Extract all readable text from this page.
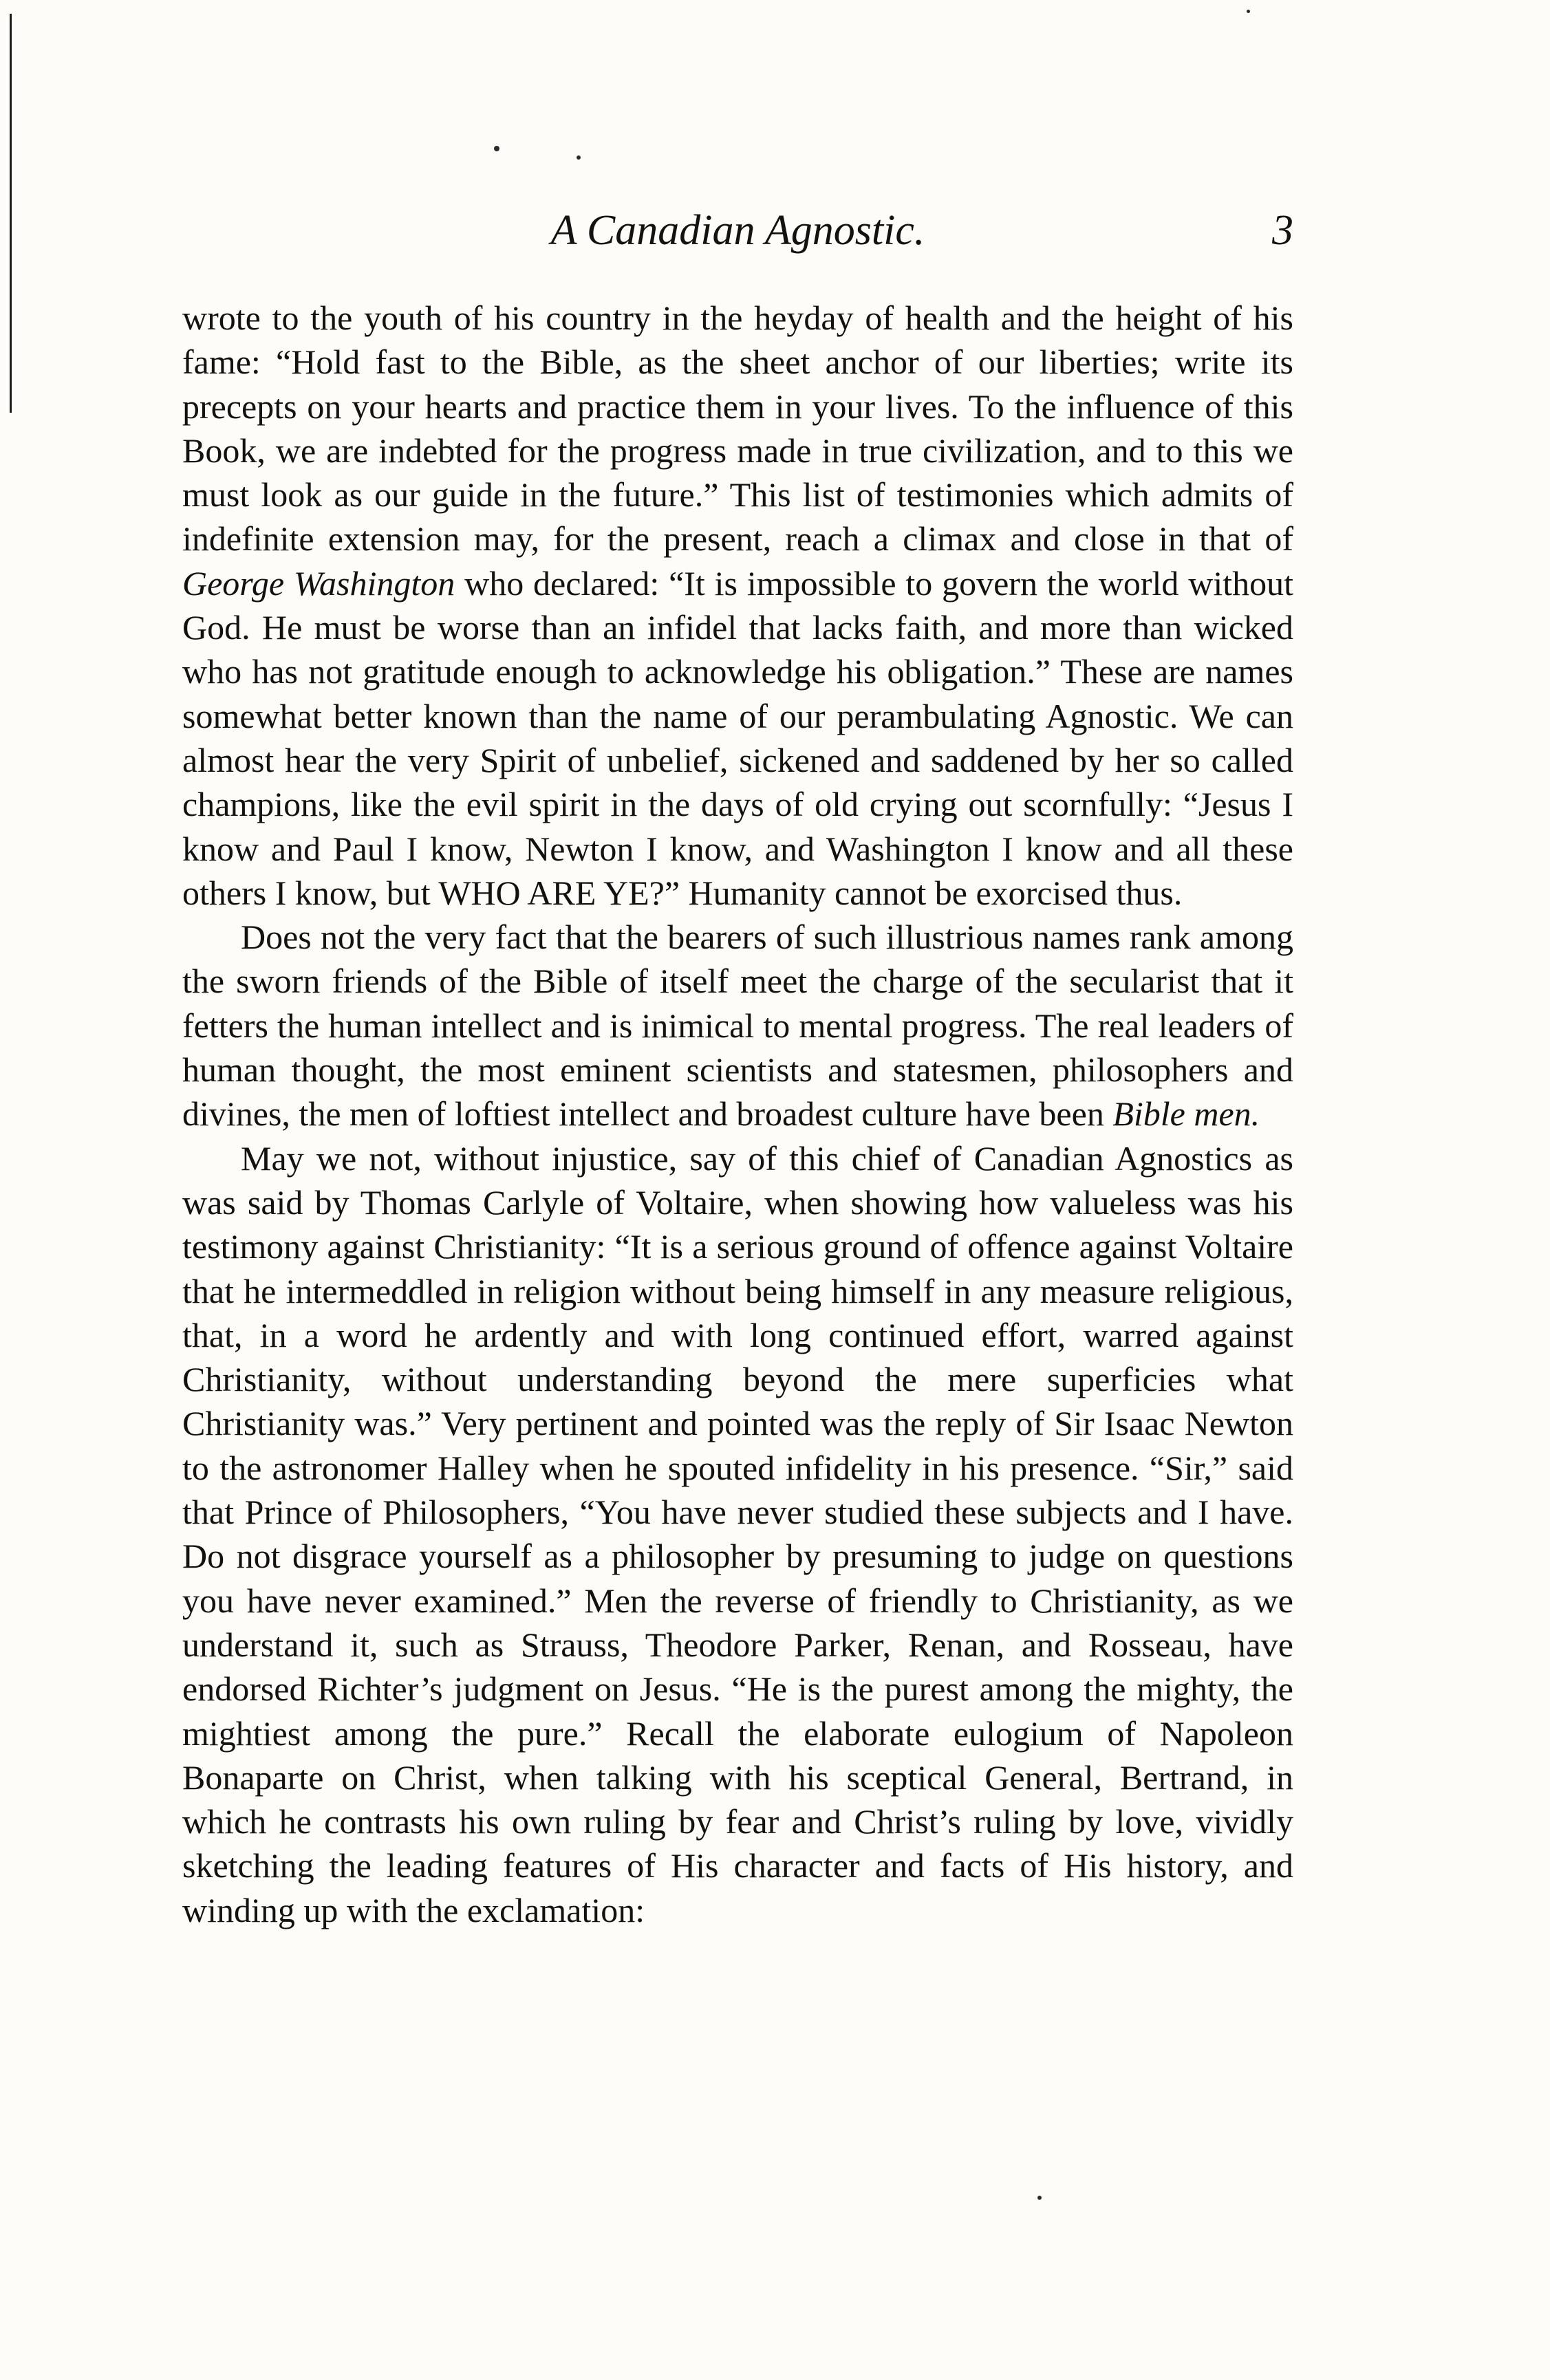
A Canadian Agnostic.	3

wrote to the youth of his country in the heyday of health and the height of his fame: “Hold fast to the Bible, as the sheet anchor of our liberties; write its precepts on your hearts and practice them in your lives. To the influence of this Book, we are indebted for the progress made in true civilization, and to this we must look as our guide in the future.” This list of testimonies which admits of indefinite extension may, for the present, reach a climax and close in that of George Washington who declared: “It is impossible to govern the world without God. He must be worse than an infidel that lacks faith, and more than wicked who has not gratitude enough to acknowledge his obligation.” These are names somewhat better known than the name of our perambulating Agnostic. We can almost hear the very Spirit of unbelief, sickened and saddened by her so called champions, like the evil spirit in the days of old crying out scornfully: “Jesus I know and Paul I know, Newton I know, and Washington I know and all these others I know, but WHO ARE YE?” Humanity cannot be exorcised thus.

Does not the very fact that the bearers of such illustrious names rank among the sworn friends of the Bible of itself meet the charge of the secularist that it fetters the human intellect and is inimical to mental progress. The real leaders of human thought, the most eminent scientists and statesmen, philosophers and divines, the men of loftiest intellect and broadest culture have been Bible men.

May we not, without injustice, say of this chief of Canadian Agnostics as was said by Thomas Carlyle of Voltaire, when showing how valueless was his testimony against Christianity: “It is a serious ground of offence against Voltaire that he intermeddled in religion without being himself in any measure religious, that, in a word he ardently and with long continued effort, warred against Christianity, without understanding beyond the mere superficies what Christianity was.” Very pertinent and pointed was the reply of Sir Isaac Newton to the astronomer Halley when he spouted infidelity in his presence. “Sir,” said that Prince of Philosophers, “You have never studied these subjects and I have. Do not disgrace yourself as a philosopher by presuming to judge on questions you have never examined.” Men the reverse of friendly to Christianity, as we understand it, such as Strauss, Theodore Parker, Renan, and Rosseau, have endorsed Richter’s judgment on Jesus. “He is the purest among the mighty, the mightiest among the pure.” Recall the elaborate eulogium of Napoleon Bonaparte on Christ, when talking with his sceptical General, Bertrand, in which he contrasts his own ruling by fear and Christ’s ruling by love, vividly sketching the leading features of His character and facts of His history, and winding up with the exclamation:
